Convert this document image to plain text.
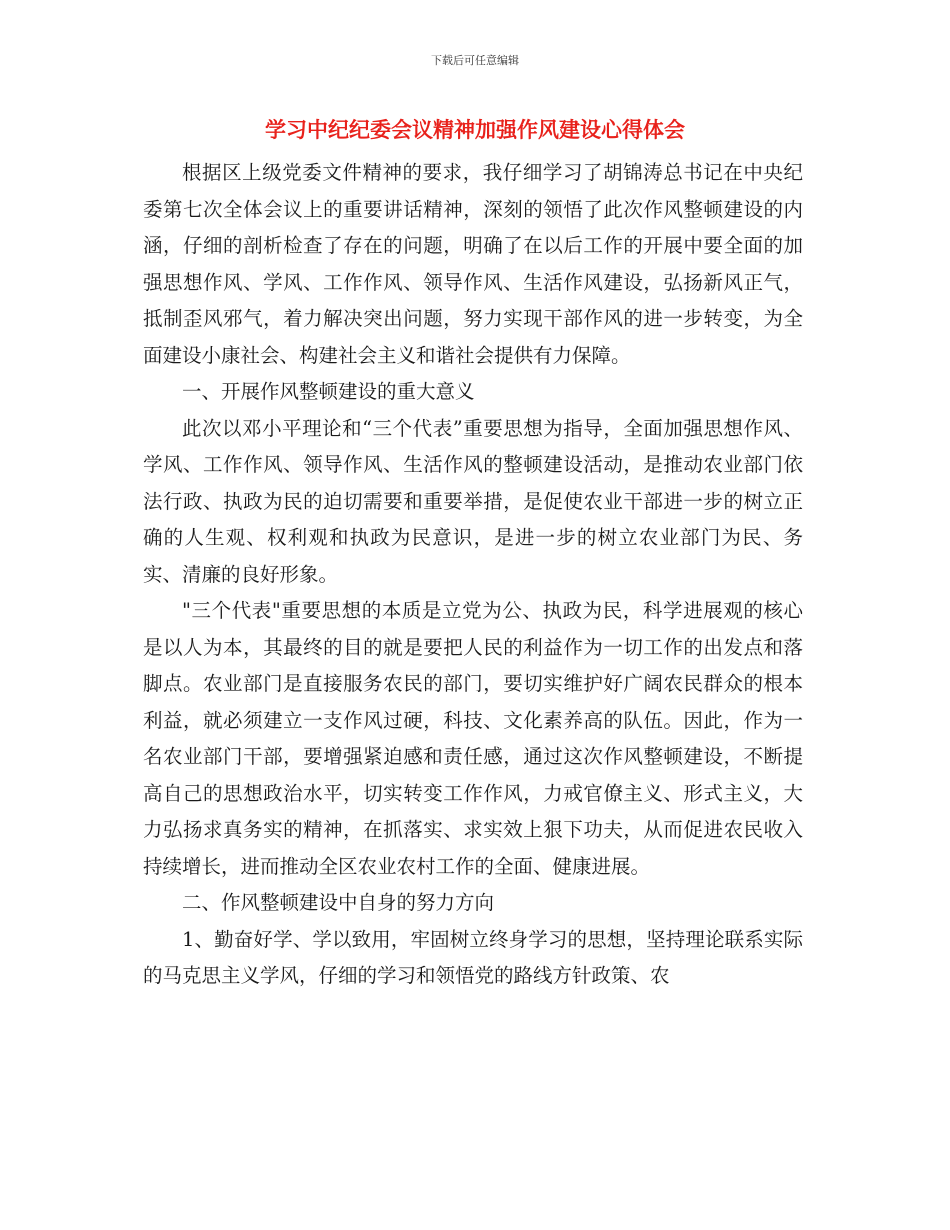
下载后可任意编辑
学习中纪纪委会议精神加强作风建设心得体会

根据区上级党委文件精神的要求，我仔细学习了胡锦涛总书记在中央纪委第七次全体会议上的重要讲话精神，深刻的领悟了此次作风整顿建设的内涵，仔细的剖析检查了存在的问题，明确了在以后工作的开展中要全面的加强思想作风、学风、工作作风、领导作风、生活作风建设，弘扬新风正气，抵制歪风邪气，着力解决突出问题，努力实现干部作风的进一步转变，为全面建设小康社会、构建社会主义和谐社会提供有力保障。

一、开展作风整顿建设的重大意义

此次以邓小平理论和“三个代表”重要思想为指导，全面加强思想作风、学风、工作作风、领导作风、生活作风的整顿建设活动，是推动农业部门依法行政、执政为民的迫切需要和重要举措，是促使农业干部进一步的树立正确的人生观、权利观和执政为民意识，是进一步的树立农业部门为民、务实、清廉的良好形象。

"三个代表"重要思想的本质是立党为公、执政为民，科学进展观的核心是以人为本，其最终的目的就是要把人民的利益作为一切工作的出发点和落脚点。农业部门是直接服务农民的部门，要切实维护好广阔农民群众的根本利益，就必须建立一支作风过硬，科技、文化素养高的队伍。因此，作为一名农业部门干部，要增强紧迫感和责任感，通过这次作风整顿建设，不断提高自己的思想政治水平，切实转变工作作风，力戒官僚主义、形式主义，大力弘扬求真务实的精神，在抓落实、求实效上狠下功夫，从而促进农民收入持续增长，进而推动全区农业农村工作的全面、健康进展。

二、作风整顿建设中自身的努力方向

1、勤奋好学、学以致用，牢固树立终身学习的思想，坚持理论联系实际的马克思主义学风，仔细的学习和领悟党的路线方针政策、农
